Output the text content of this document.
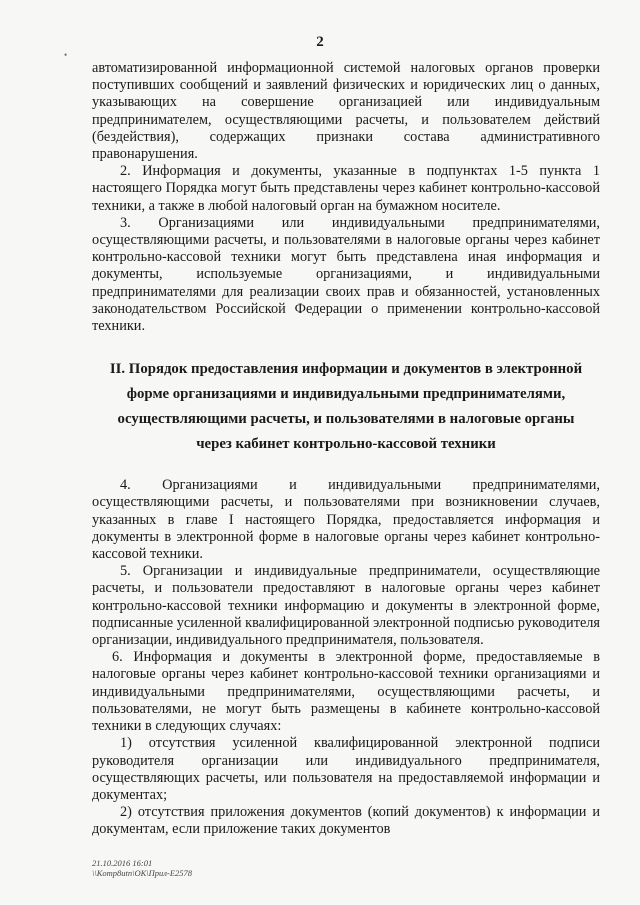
2
•

автоматизированной информационной системой налоговых органов проверки поступивших сообщений и заявлений физических и юридических лиц о данных, указывающих на совершение организацией или индивидуальным предпринимателем, осуществляющими расчеты, и пользователем действий (бездействия), содержащих признаки состава административного правонарушения.

2. Информация и документы, указанные в подпунктах 1-5 пункта 1 настоящего Порядка могут быть представлены через кабинет контрольно-кассовой техники, а также в любой налоговый орган на бумажном носителе.

3. Организациями или индивидуальными предпринимателями, осуществляющими расчеты, и пользователями в налоговые органы через кабинет контрольно-кассовой техники могут быть представлена иная информация и документы, используемые организациями, и индивидуальными предпринимателями для реализации своих прав и обязанностей, установленных законодательством Российской Федерации о применении контрольно-кассовой техники.

II. Порядок предоставления информации и документов в электронной
форме организациями и индивидуальными предпринимателями,
осуществляющими расчеты, и пользователями в налоговые органы
через кабинет контрольно-кассовой техники

4. Организациями и индивидуальными предпринимателями, осуществляющими расчеты, и пользователями при возникновении случаев, указанных в главе I настоящего Порядка, предоставляется информация и документы в электронной форме в налоговые органы через кабинет контрольно-кассовой техники.

5. Организации и индивидуальные предприниматели, осуществляющие расчеты, и пользователи предоставляют в налоговые органы через кабинет контрольно-кассовой техники информацию и документы в электронной форме, подписанные усиленной квалифицированной электронной подписью руководителя организации, индивидуального предпринимателя, пользователя.

6. Информация и документы в электронной форме, предоставляемые в налоговые органы через кабинет контрольно-кассовой техники организациями и индивидуальными предпринимателями, осуществляющими расчеты, и пользователями, не могут быть размещены в кабинете контрольно-кассовой техники в следующих случаях:

1) отсутствия усиленной квалифицированной электронной подписи руководителя организации или индивидуального предпринимателя, осуществляющих расчеты, или пользователя на предоставляемой информации и документах;

2) отсутствия приложения документов (копий документов) к информации и документам, если приложение таких документов

21.10.2016 16:01
\\Komp8utn\ОК\Прил-E2578
